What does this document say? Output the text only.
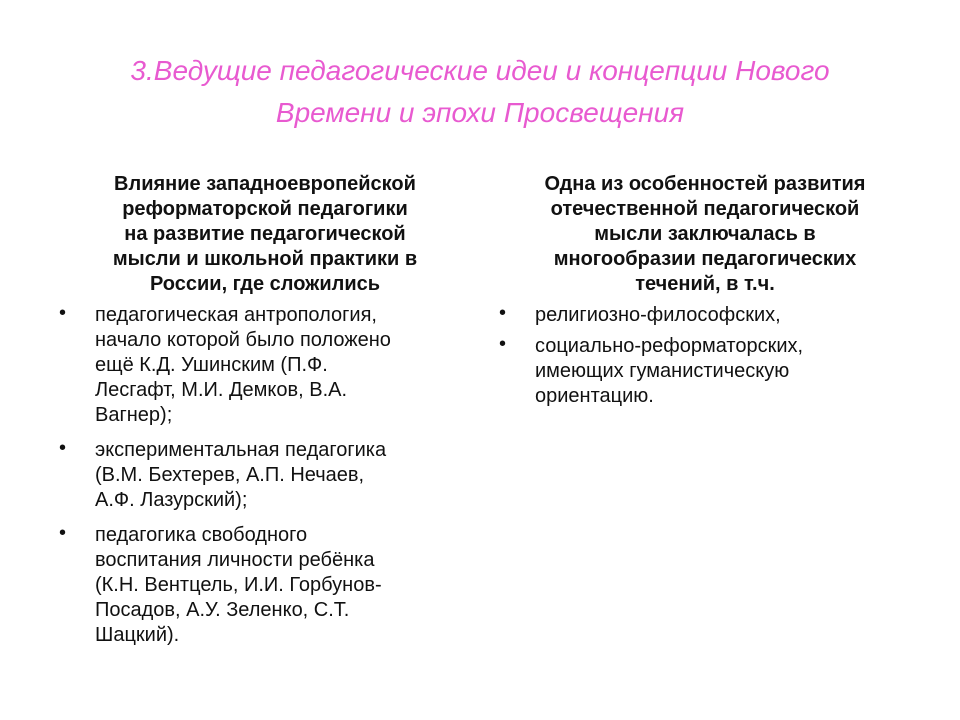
3.Ведущие педагогические идеи и концепции Нового
Времени и эпохи Просвещения
Влияние западноевропейской
реформаторской педагогики
на развитие педагогической
мысли и школьной практики в
России, где сложились
• педагогическая антропология,
начало которой было положено
ещё К.Д. Ушинским (П.Ф.
Лесгафт, М.И. Демков, В.А.
Вагнер);
• экспериментальная педагогика
(В.М. Бехтерев, А.П. Нечаев,
А.Ф. Лазурский);
• педагогика свободного
воспитания личности ребёнка
(К.Н. Вентцель, И.И. Горбунов-
Посадов, А.У. Зеленко, С.Т.
Шацкий).
Одна из особенностей развития
отечественной педагогической
мысли заключалась в
многообразии педагогических
течений, в т.ч.
• религиозно-философских,
• социально-реформаторских,
имеющих гуманистическую
ориентацию.
